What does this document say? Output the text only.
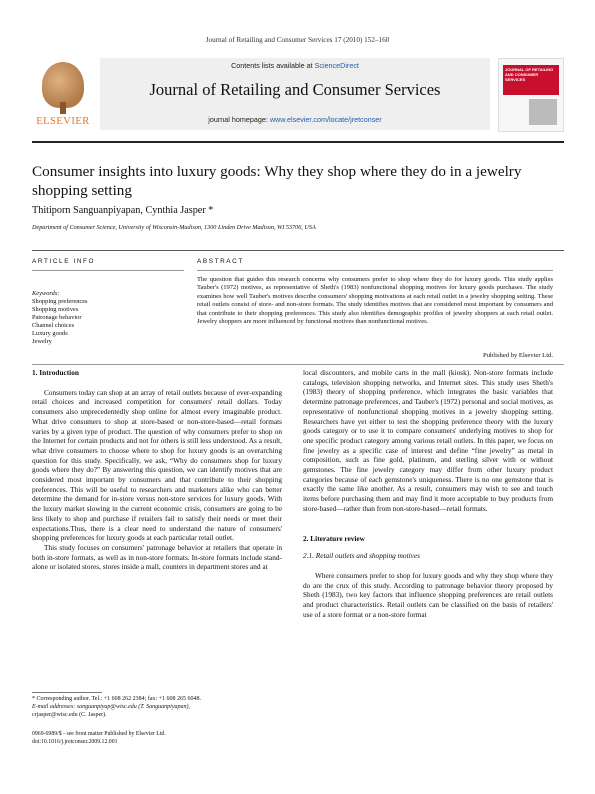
Journal of Retailing and Consumer Services 17 (2010) 152–160
ELSEVIER
Contents lists available at ScienceDirect
Journal of Retailing and Consumer Services
journal homepage: www.elsevier.com/locate/jretconser
JOURNAL OF RETAILING AND CONSUMER SERVICES
Consumer insights into luxury goods: Why they shop where they do in a jewelry shopping setting
Thitiporn Sanguanpiyapan, Cynthia Jasper *
Department of Consumer Science, University of Wisconsin-Madison, 1300 Linden Drive Madison, WI 53706, USA
ARTICLE INFO	ABSTRACT
Keywords:
Shopping preferences
Shopping motives
Patronage behavior
Channel choices
Luxury goods
Jewelry
The question that guides this research concerns why consumers prefer to shop where they do for luxury goods. This study applies Tauber's (1972) motives, as representative of Sheth's (1983) nonfunctional shopping motives for luxury goods purchases. The study examines how well Tauber's motives describe consumers' shopping motivations at each retail outlet in a jewelry shopping setting. These retail outlets consist of store- and non-store formats. The study identifies motives that are considered most important by consumers and that contribute to their shopping preferences. This study also identifies demographic profiles of jewelry shoppers at each retail outlet. Jewelry shoppers are more influenced by functional motives than nonfunctional motives.
Published by Elsevier Ltd.
1. Introduction

Consumers today can shop at an array of retail outlets because of ever-expanding retail choices and increased competition for consumers' retail dollars. Today consumers also unprecedentedly shop online for almost every imaginable product. What drive consumers to shop at store-based or non-store-based—retail formats varies by a given type of product. The question of why consumers prefer to shop on the Internet for certain products and not for others is still less understood. As a result, what drive consumers to choose where to shop for luxury goods is an overarching question for this study. Specifically, we ask, “Why do consumers shop for luxury goods where they do?” By answering this question, we can identify motives that are considered most important by consumers and that contribute to their shopping preferences. This will be useful to researchers and marketers alike who can better determine the demand for in-store versus non-store services for luxury goods. With the luxury market slowing in the current economic crisis, consumers are going to be less likely to shop and purchase if retailers fail to satisfy their needs or meet their expectations.Thus, there is a clear need to understand the nature of consumers' shopping preferences for luxury goods at each particular retail outlet.

This study focuses on consumers' patronage behavior at retailers that operate in both in-store formats, as well as in non-store formats. In-store formats include stand-alone or isolated stores, stores inside a mall, counters in department stores and at

local discounters, and mobile carts in the mall (kiosk). Non-store formats include catalogs, television shopping networks, and Internet sites. This study uses Sheth's (1983) theory of shopping preference, which integrates the basic variables that determine patronage preferences, and Tauber's (1972) personal and social motives, as representative of nonfunctional shopping motives in a jewelry shopping setting. Researchers have yet either to test the shopping preference theory with the luxury goods category or to use it to compare consumers' underlying motives to shop for one specific product category among various retail outlets. In this paper, we focus on fine jewelry as a specific case of interest and define “fine jewelry” as metal in composition, such as fine gold, platinum, and sterling silver with or without gemstones. The fine jewelry category may differ from other luxury product categories because of each gemstone's uniqueness. There is no one gemstone that is exactly the same like another. As a result, consumers may wish to see and touch items before purchasing them and may find it more acceptable to buy products from store-based—rather than from non-store-based—retail formats.

2. Literature review
2.1. Retail outlets and shopping motives

Where consumers prefer to shop for luxury goods and why they shop where they do are the crux of this study. According to patronage behavior theory proposed by Sheth (1983), two key factors that influence shopping preferences are retail outlets and product characteristics. Retail outlets can be classified on the basis of retailers' use of a store format or a non-store format

* Corresponding author. Tel.: +1 608 262 2384; fax: +1 608 265 6048.
E-mail addresses: sanguanpiyap@wisc.edu (T. Sanguanpiyapan),
crjasper@wisc.edu (C. Jasper).
0969-6989/$ - see front matter Published by Elsevier Ltd.
doi:10.1016/j.jretconser.2009.12.001
